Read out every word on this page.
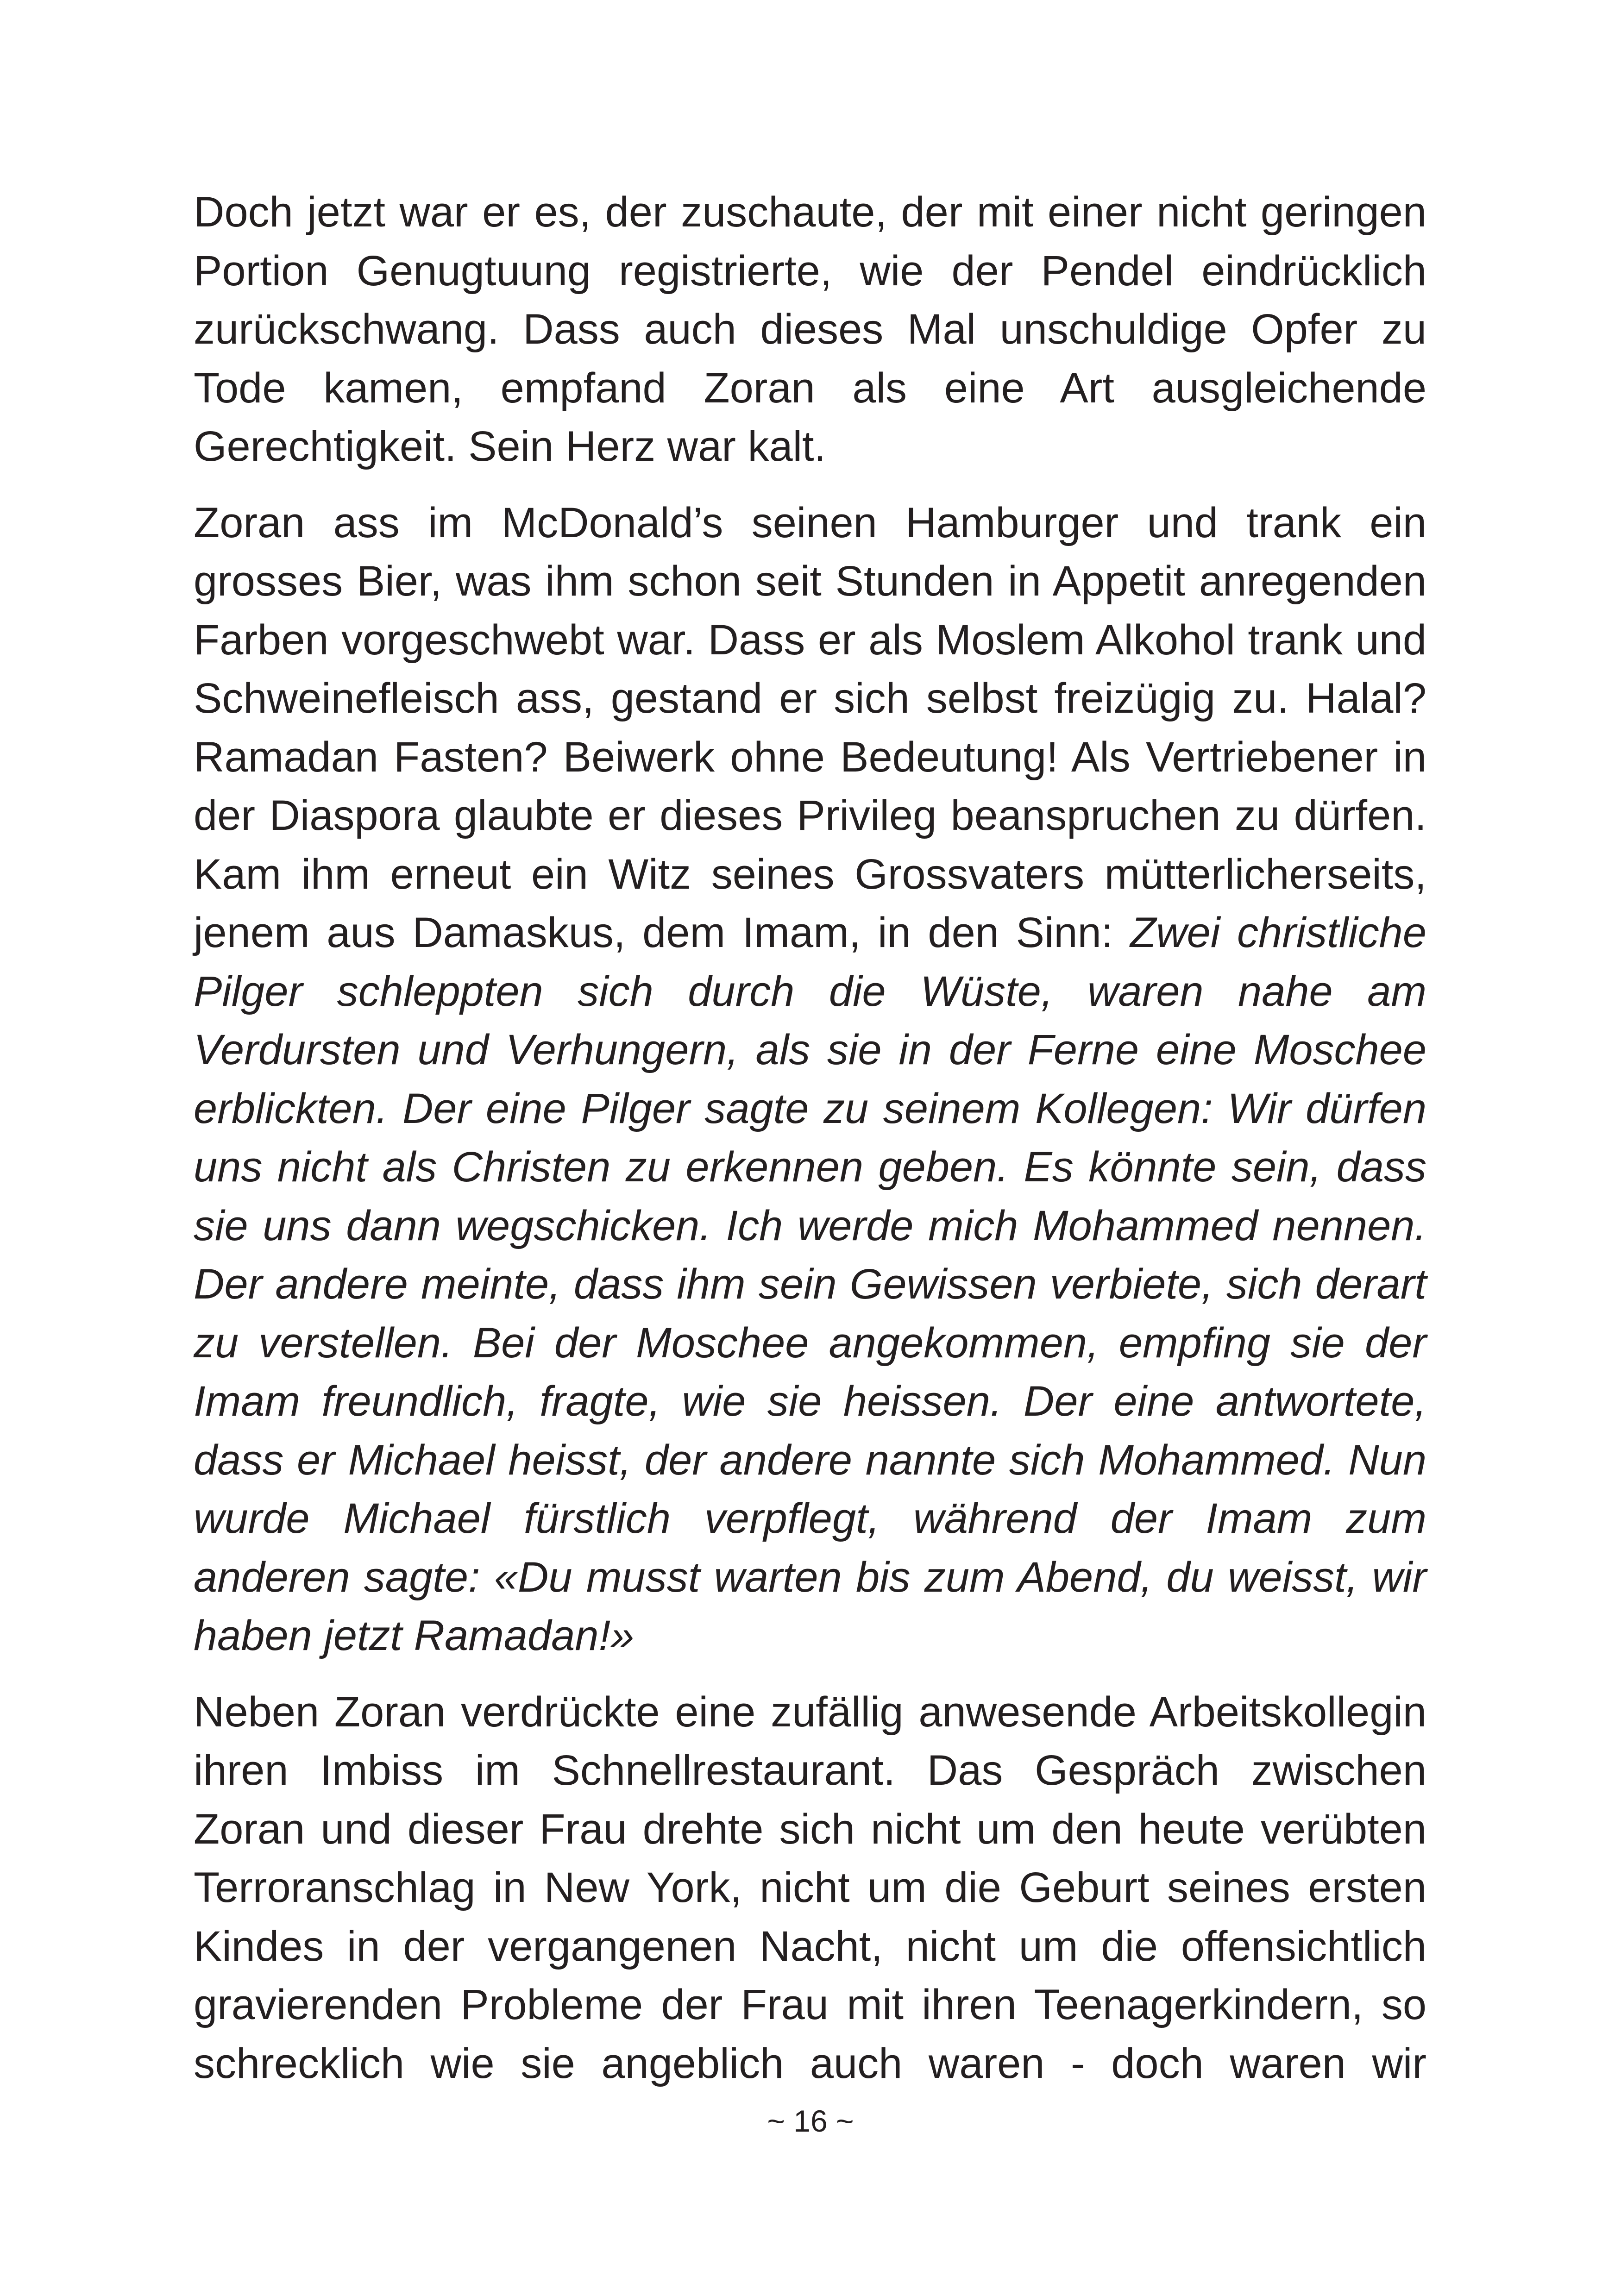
Doch jetzt war er es, der zuschaute, der mit einer nicht geringen Portion Genugtuung registrierte, wie der Pendel eindrücklich zurückschwang. Dass auch dieses Mal unschuldige Opfer zu Tode kamen, empfand Zoran als eine Art ausgleichende Gerechtigkeit. Sein Herz war kalt.

Zoran ass im McDonald’s seinen Hamburger und trank ein grosses Bier, was ihm schon seit Stunden in Appetit anregenden Farben vorgeschwebt war. Dass er als Moslem Alkohol trank und Schweinefleisch ass, gestand er sich selbst freizügig zu. Halal? Ramadan Fasten? Beiwerk ohne Bedeutung! Als Vertriebener in der Diaspora glaubte er dieses Privileg beanspruchen zu dürfen. Kam ihm erneut ein Witz seines Grossvaters mütterlicherseits, jenem aus Damaskus, dem Imam, in den Sinn: Zwei christliche Pilger schleppten sich durch die Wüste, waren nahe am Verdursten und Verhungern, als sie in der Ferne eine Moschee erblickten. Der eine Pilger sagte zu seinem Kollegen: Wir dürfen uns nicht als Christen zu erkennen geben. Es könnte sein, dass sie uns dann wegschicken. Ich werde mich Mohammed nennen. Der andere meinte, dass ihm sein Gewissen verbiete, sich derart zu verstellen. Bei der Moschee angekommen, empfing sie der Imam freundlich, fragte, wie sie heissen. Der eine antwortete, dass er Michael heisst, der andere nannte sich Mohammed. Nun wurde Michael fürstlich verpflegt, während der Imam zum anderen sagte: «Du musst warten bis zum Abend, du weisst, wir haben jetzt Ramadan!»

Neben Zoran verdrückte eine zufällig anwesende Arbeitskollegin ihren Imbiss im Schnellrestaurant. Das Gespräch zwischen Zoran und dieser Frau drehte sich nicht um den heute verübten Terroranschlag in New York, nicht um die Geburt seines ersten Kindes in der vergangenen Nacht, nicht um die offensichtlich gravierenden Probleme der Frau mit ihren Teenagerkindern, so schrecklich wie sie angeblich auch waren - doch waren wir

~ 16 ~
